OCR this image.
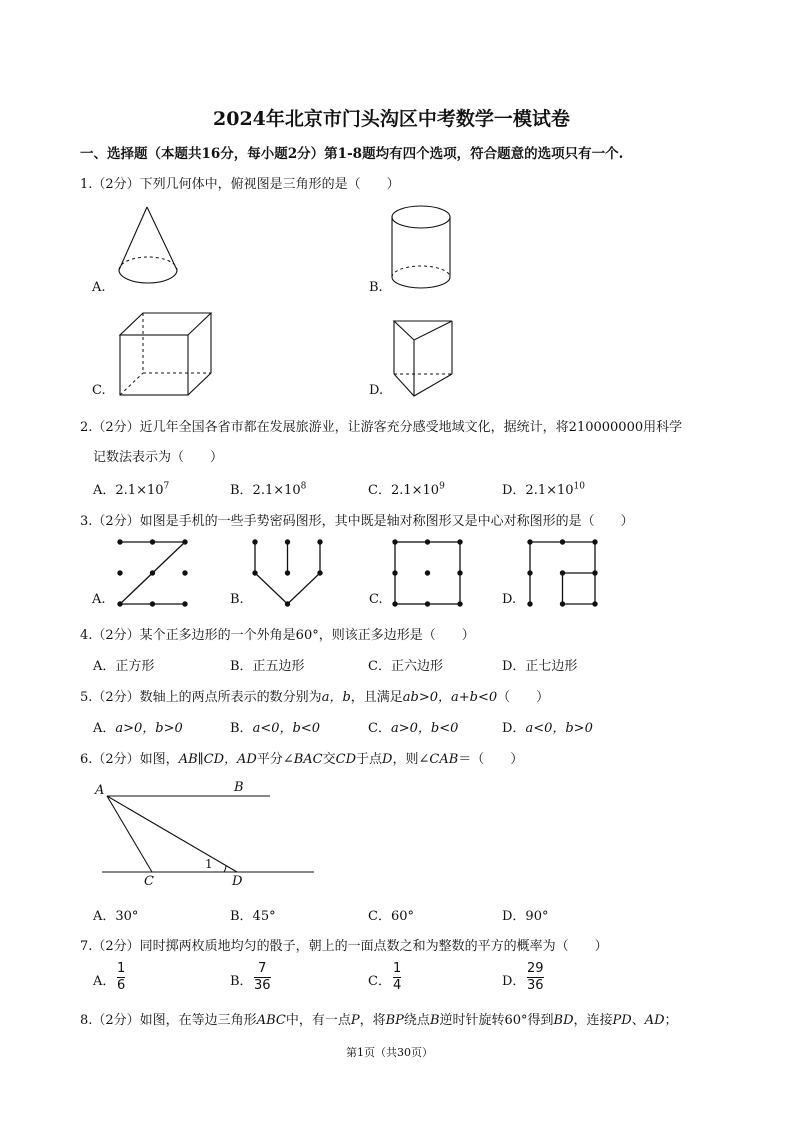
2024年北京市门头沟区中考数学一模试卷
一、选择题（本题共16分，每小题2分）第1-8题均有四个选项，符合题意的选项只有一个.
1.（2分）下列几何体中，俯视图是三角形的是（　　）
A.	B.
C.	D.
2.（2分）近几年全国各省市都在发展旅游业，让游客充分感受地域文化，据统计，将210000000用科学
记数法表示为（　　）
A．$2.1\times 10^7$	B．$2.1\times 10^8$	C．$2.1\times 10^9$	D．$2.1\times 10^{10}$
3.（2分）如图是手机的一些手势密码图形，其中既是轴对称图形又是中心对称图形的是（　　）
A.	B.	C.	D.
4.（2分）某个正多边形的一个外角是60°，则该正多边形是（　　）
A．正方形	B．正五边形	C．正六边形	D．正七边形
5.（2分）数轴上的两点所表示的数分别为a，b，且满足ab>0，a+b<0（　　）
A．a>0，b>0	B．a<0，b<0	C．a>0，b<0	D．a<0，b>0
6.（2分）如图，AB∥CD，AD平分∠BAC交CD于点D，则∠CAB＝（　　）
A	B
C	D
1
A．30°	B．45°	C．60°	D．90°
7.（2分）同时掷两枚质地均匀的骰子，朝上的一面点数之和为整数的平方的概率为（　　）
A．
1
6	B．
7
36	C．
1
4	D．
29
36
8.（2分）如图，在等边三角形ABC中，有一点P，将BP绕点B逆时针旋转60°得到BD，连接PD、AD；
第1页（共30页）
